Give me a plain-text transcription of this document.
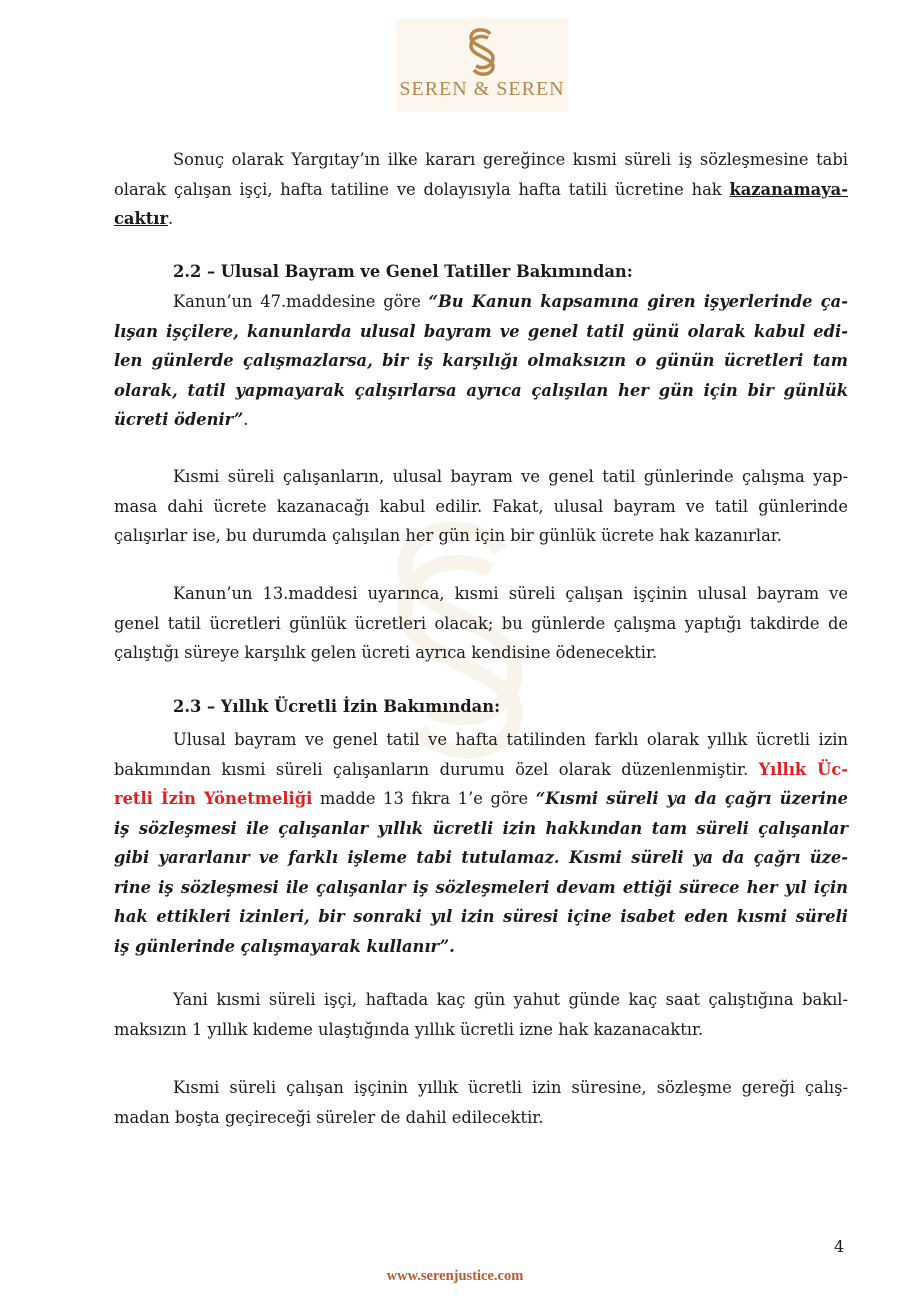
SEREN & SEREN
Sonuç olarak Yargıtay’ın ilke kararı gereğince kısmi süreli iş sözleşmesine tabi
olarak çalışan işçi, hafta tatiline ve dolayısıyla hafta tatili ücretine hak kazanamaya-
caktır.
2.2 – Ulusal Bayram ve Genel Tatiller Bakımından:
Kanun’un 47.maddesine göre “Bu Kanun kapsamına giren işyerlerinde ça-
lışan işçilere, kanunlarda ulusal bayram ve genel tatil günü olarak kabul edi-
len günlerde çalışmazlarsa, bir iş karşılığı olmaksızın o günün ücretleri tam
olarak, tatil yapmayarak çalışırlarsa ayrıca çalışılan her gün için bir günlük
ücreti ödenir”.
Kısmi süreli çalışanların, ulusal bayram ve genel tatil günlerinde çalışma yap-
masa dahi ücrete kazanacağı kabul edilir. Fakat, ulusal bayram ve tatil günlerinde
çalışırlar ise, bu durumda çalışılan her gün için bir günlük ücrete hak kazanırlar.
Kanun’un 13.maddesi uyarınca, kısmi süreli çalışan işçinin ulusal bayram ve
genel tatil ücretleri günlük ücretleri olacak; bu günlerde çalışma yaptığı takdirde de
çalıştığı süreye karşılık gelen ücreti ayrıca kendisine ödenecektir.
2.3 – Yıllık Ücretli İzin Bakımından:
Ulusal bayram ve genel tatil ve hafta tatilinden farklı olarak yıllık ücretli izin
bakımından kısmi süreli çalışanların durumu özel olarak düzenlenmiştir. Yıllık Üc-
retli İzin Yönetmeliği madde 13 fıkra 1’e göre “Kısmi süreli ya da çağrı üzerine
iş sözleşmesi ile çalışanlar yıllık ücretli izin hakkından tam süreli çalışanlar
gibi yararlanır ve farklı işleme tabi tutulamaz. Kısmi süreli ya da çağrı üze-
rine iş sözleşmesi ile çalışanlar iş sözleşmeleri devam ettiği sürece her yıl için
hak ettikleri izinleri, bir sonraki yıl izin süresi içine isabet eden kısmi süreli
iş günlerinde çalışmayarak kullanır”.
Yani kısmi süreli işçi, haftada kaç gün yahut günde kaç saat çalıştığına bakıl-
maksızın 1 yıllık kıdeme ulaştığında yıllık ücretli izne hak kazanacaktır.
Kısmi süreli çalışan işçinin yıllık ücretli izin süresine, sözleşme gereği çalış-
madan boşta geçireceği süreler de dahil edilecektir.
4
www.serenjustice.com
